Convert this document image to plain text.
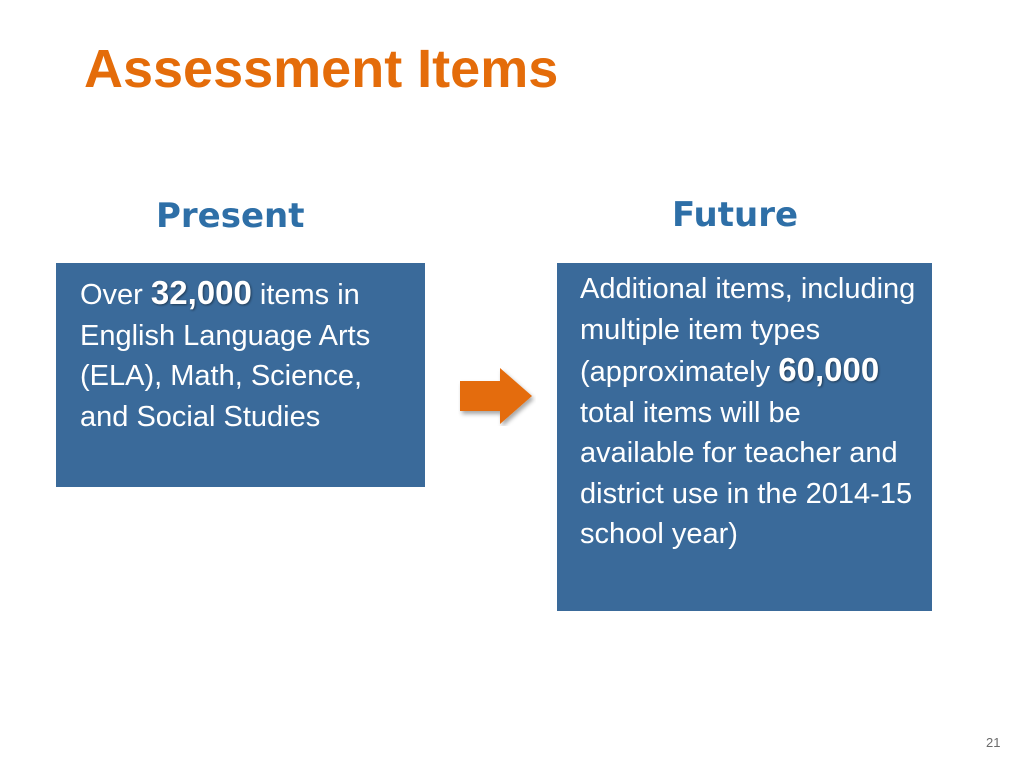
Assessment Items
Present	Future
Over 32,000 items in English Language Arts (ELA), Math, Science, and Social Studies
Additional items, including multiple item types (approximately 60,000 total items will be available for teacher and district use in the 2014-15 school year)
21
